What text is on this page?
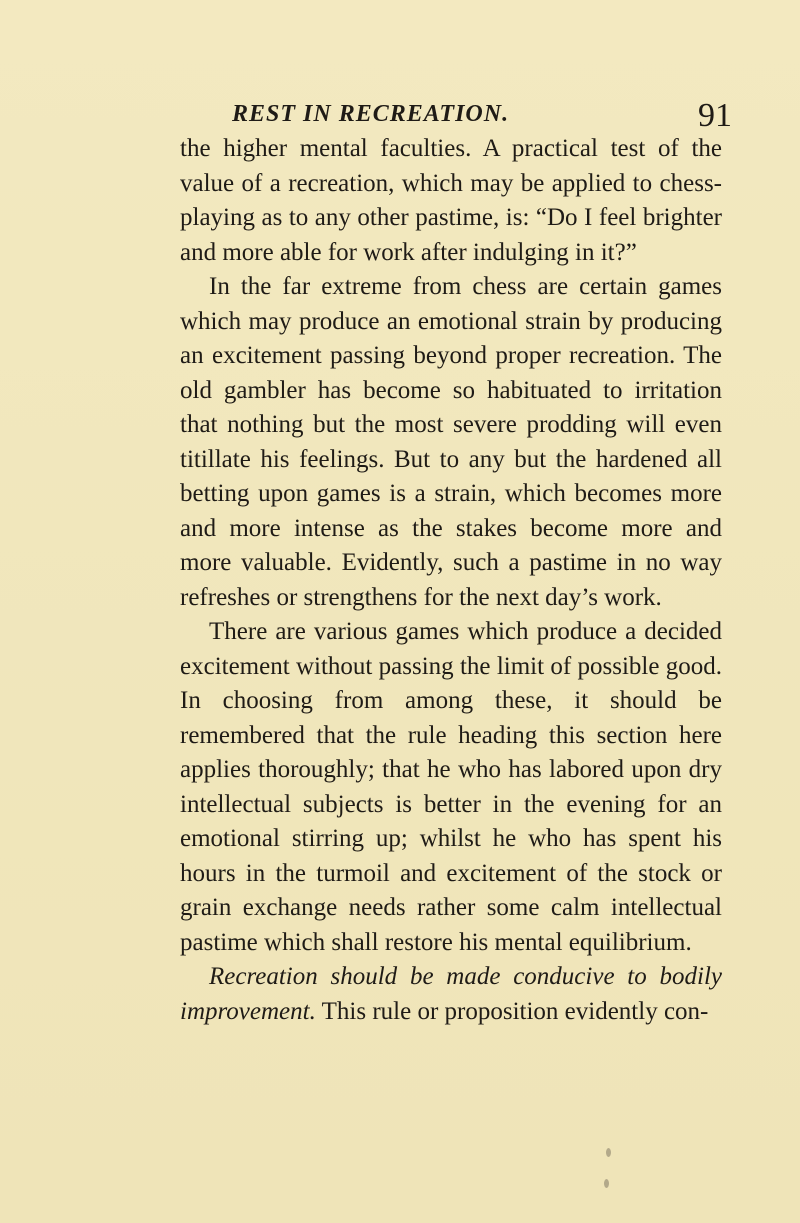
REST IN RECREATION.	91

the higher mental faculties. A practical test of the value of a recreation, which may be applied to chess-playing as to any other pastime, is: “Do I feel brighter and more able for work after indulging in it?”

In the far extreme from chess are certain games which may produce an emotional strain by producing an excitement passing beyond proper recreation. The old gambler has become so habituated to irritation that nothing but the most severe prodding will even titillate his feelings. But to any but the hardened all betting upon games is a strain, which becomes more and more intense as the stakes become more and more valuable. Evidently, such a pastime in no way refreshes or strengthens for the next day’s work.

There are various games which produce a decided excitement without passing the limit of possible good. In choosing from among these, it should be remembered that the rule heading this section here applies thoroughly; that he who has labored upon dry intellectual subjects is better in the evening for an emotional stirring up; whilst he who has spent his hours in the turmoil and excitement of the stock or grain exchange needs rather some calm intellectual pastime which shall restore his mental equilibrium.

Recreation should be made conducive to bodily improvement. This rule or proposition evidently con-
